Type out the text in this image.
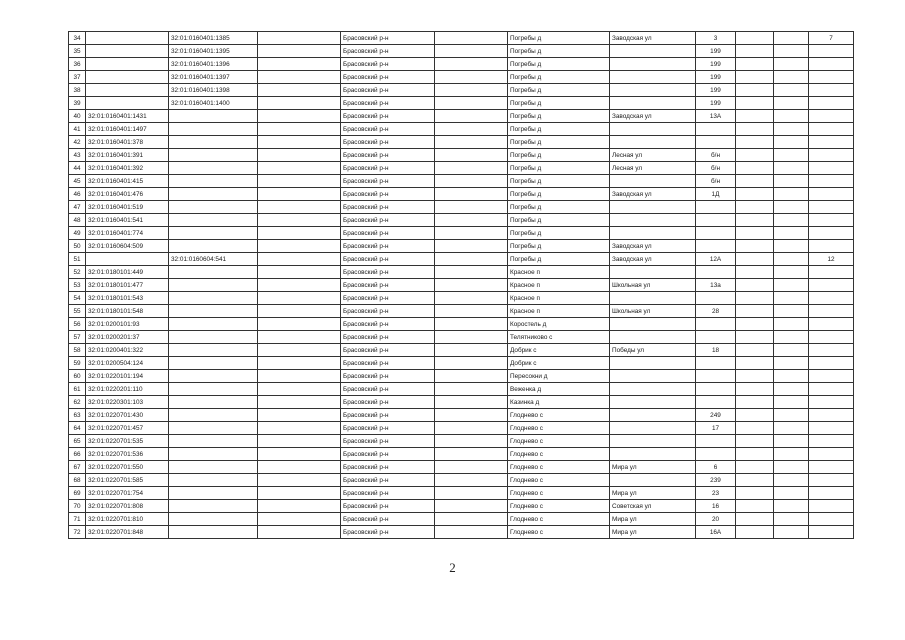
34		32:01:0160401:1385		Брасовский р-н		Погребы д	Заводская ул	3			7
35		32:01:0160401:1395		Брасовский р-н		Погребы д		199			
36		32:01:0160401:1396		Брасовский р-н		Погребы д		199			
37		32:01:0160401:1397		Брасовский р-н		Погребы д		199			
38		32:01:0160401:1398		Брасовский р-н		Погребы д		199			
39		32:01:0160401:1400		Брасовский р-н		Погребы д		199			
40	32:01:0160401:1431			Брасовский р-н		Погребы д	Заводская ул	13А			
41	32:01:0160401:1497			Брасовский р-н		Погребы д					
42	32:01:0160401:378			Брасовский р-н		Погребы д					
43	32:01:0160401:391			Брасовский р-н		Погребы д	Лесная ул	б/н			
44	32:01:0160401:392			Брасовский р-н		Погребы д	Лесная ул	б/н			
45	32:01:0160401:415			Брасовский р-н		Погребы д		б/н			
46	32:01:0160401:476			Брасовский р-н		Погребы д	Заводская ул	1Д			
47	32:01:0160401:519			Брасовский р-н		Погребы д					
48	32:01:0160401:541			Брасовский р-н		Погребы д					
49	32:01:0160401:774			Брасовский р-н		Погребы д					
50	32:01:0160604:509			Брасовский р-н		Погребы д	Заводская ул				
51		32:01:0160604:541		Брасовский р-н		Погребы д	Заводская ул	12А			12
52	32:01:0180101:449			Брасовский р-н		Красное п					
53	32:01:0180101:477			Брасовский р-н		Красное п	Школьная ул	13а			
54	32:01:0180101:543			Брасовский р-н		Красное п					
55	32:01:0180101:548			Брасовский р-н		Красное п	Школьная ул	28			
56	32:01:0200101:93			Брасовский р-н		Коростель д					
57	32:01:0200201:37			Брасовский р-н		Телятниково с					
58	32:01:0200401:322			Брасовский р-н		Добрик с	Победы ул	18			
59	32:01:0200504:124			Брасовский р-н		Добрик с					
60	32:01:0220101:194			Брасовский р-н		Пересокни д					
61	32:01:0220201:110			Брасовский р-н		Веженка д					
62	32:01:0220301:103			Брасовский р-н		Казинка д					
63	32:01:0220701:430			Брасовский р-н		Глоднево с		249			
64	32:01:0220701:457			Брасовский р-н		Глоднево с		17			
65	32:01:0220701:535			Брасовский р-н		Глоднево с					
66	32:01:0220701:536			Брасовский р-н		Глоднево с					
67	32:01:0220701:550			Брасовский р-н		Глоднево с	Мира ул	6			
68	32:01:0220701:585			Брасовский р-н		Глоднево с		239			
69	32:01:0220701:754			Брасовский р-н		Глоднево с	Мира ул	23			
70	32:01:0220701:808			Брасовский р-н		Глоднево с	Советская ул	16			
71	32:01:0220701:810			Брасовский р-н		Глоднево с	Мира ул	20			
72	32:01:0220701:848			Брасовский р-н		Глоднево с	Мира ул	16А			
2
